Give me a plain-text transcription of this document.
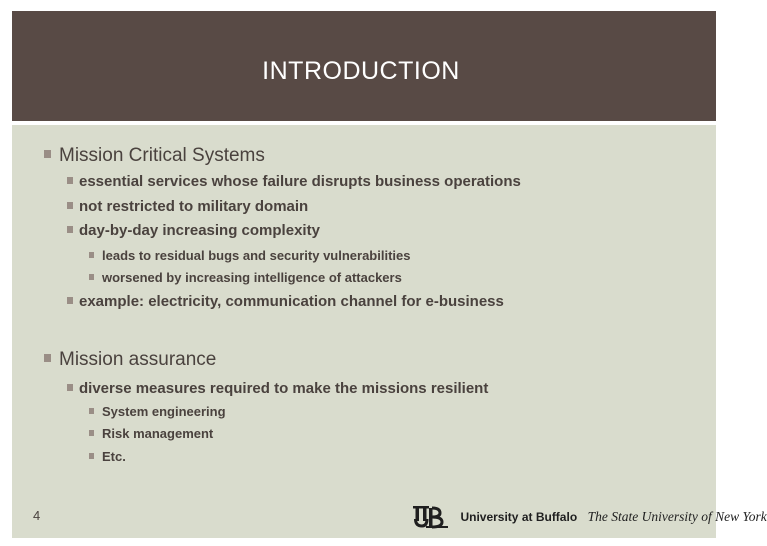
INTRODUCTION
Mission Critical Systems
essential services whose failure disrupts business operations
not restricted to military domain
day-by-day increasing complexity
leads to residual bugs and security vulnerabilities
worsened by increasing intelligence of attackers
example: electricity, communication channel for e-business
Mission assurance
diverse measures required to make the missions resilient
System engineering
Risk management
Etc.
4	University at Buffalo The State University of New York
